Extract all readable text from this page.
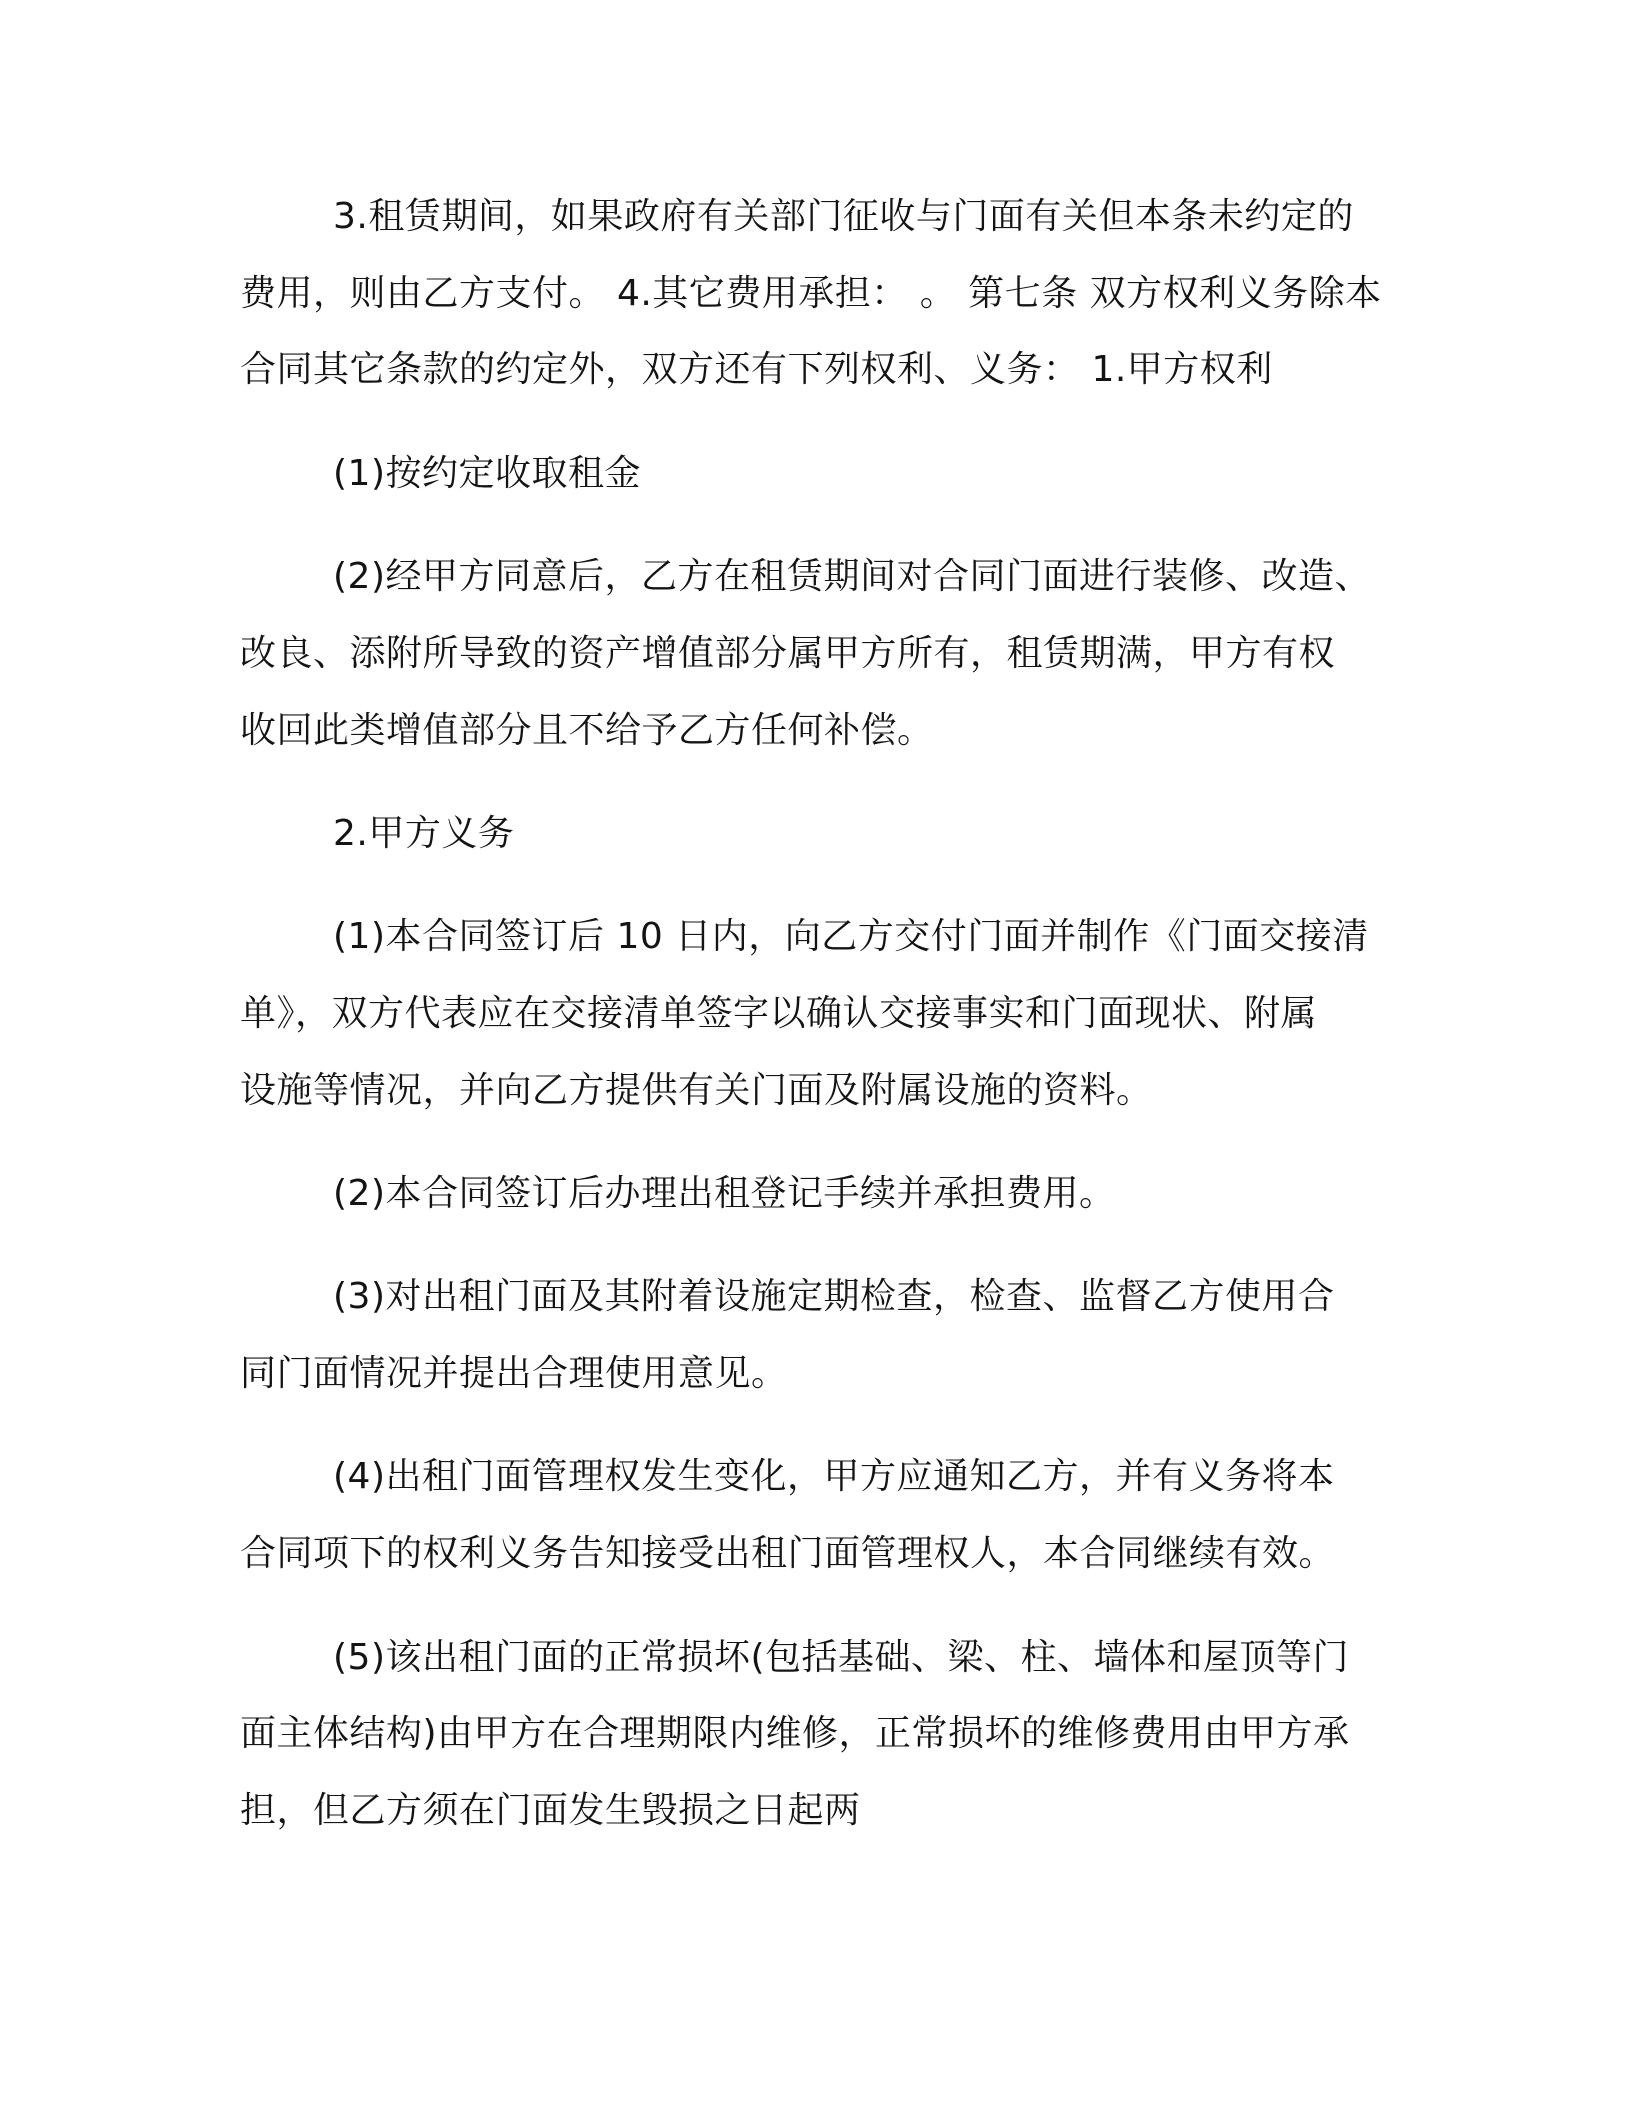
3.租赁期间，如果政府有关部门征收与门面有关但本条未约定的
费用，则由乙方支付。 4.其它费用承担： 。 第七条 双方权利义务除本
合同其它条款的约定外，双方还有下列权利、义务： 1.甲方权利
(1)按约定收取租金
(2)经甲方同意后，乙方在租赁期间对合同门面进行装修、改造、
改良、添附所导致的资产增值部分属甲方所有，租赁期满，甲方有权
收回此类增值部分且不给予乙方任何补偿。
2.甲方义务
(1)本合同签订后 10 日内，向乙方交付门面并制作《门面交接清
单》，双方代表应在交接清单签字以确认交接事实和门面现状、附属
设施等情况，并向乙方提供有关门面及附属设施的资料。
(2)本合同签订后办理出租登记手续并承担费用。
(3)对出租门面及其附着设施定期检查，检查、监督乙方使用合
同门面情况并提出合理使用意见。
(4)出租门面管理权发生变化，甲方应通知乙方，并有义务将本
合同项下的权利义务告知接受出租门面管理权人，本合同继续有效。
(5)该出租门面的正常损坏(包括基础、梁、柱、墙体和屋顶等门
面主体结构)由甲方在合理期限内维修，正常损坏的维修费用由甲方承
担，但乙方须在门面发生毁损之日起两
